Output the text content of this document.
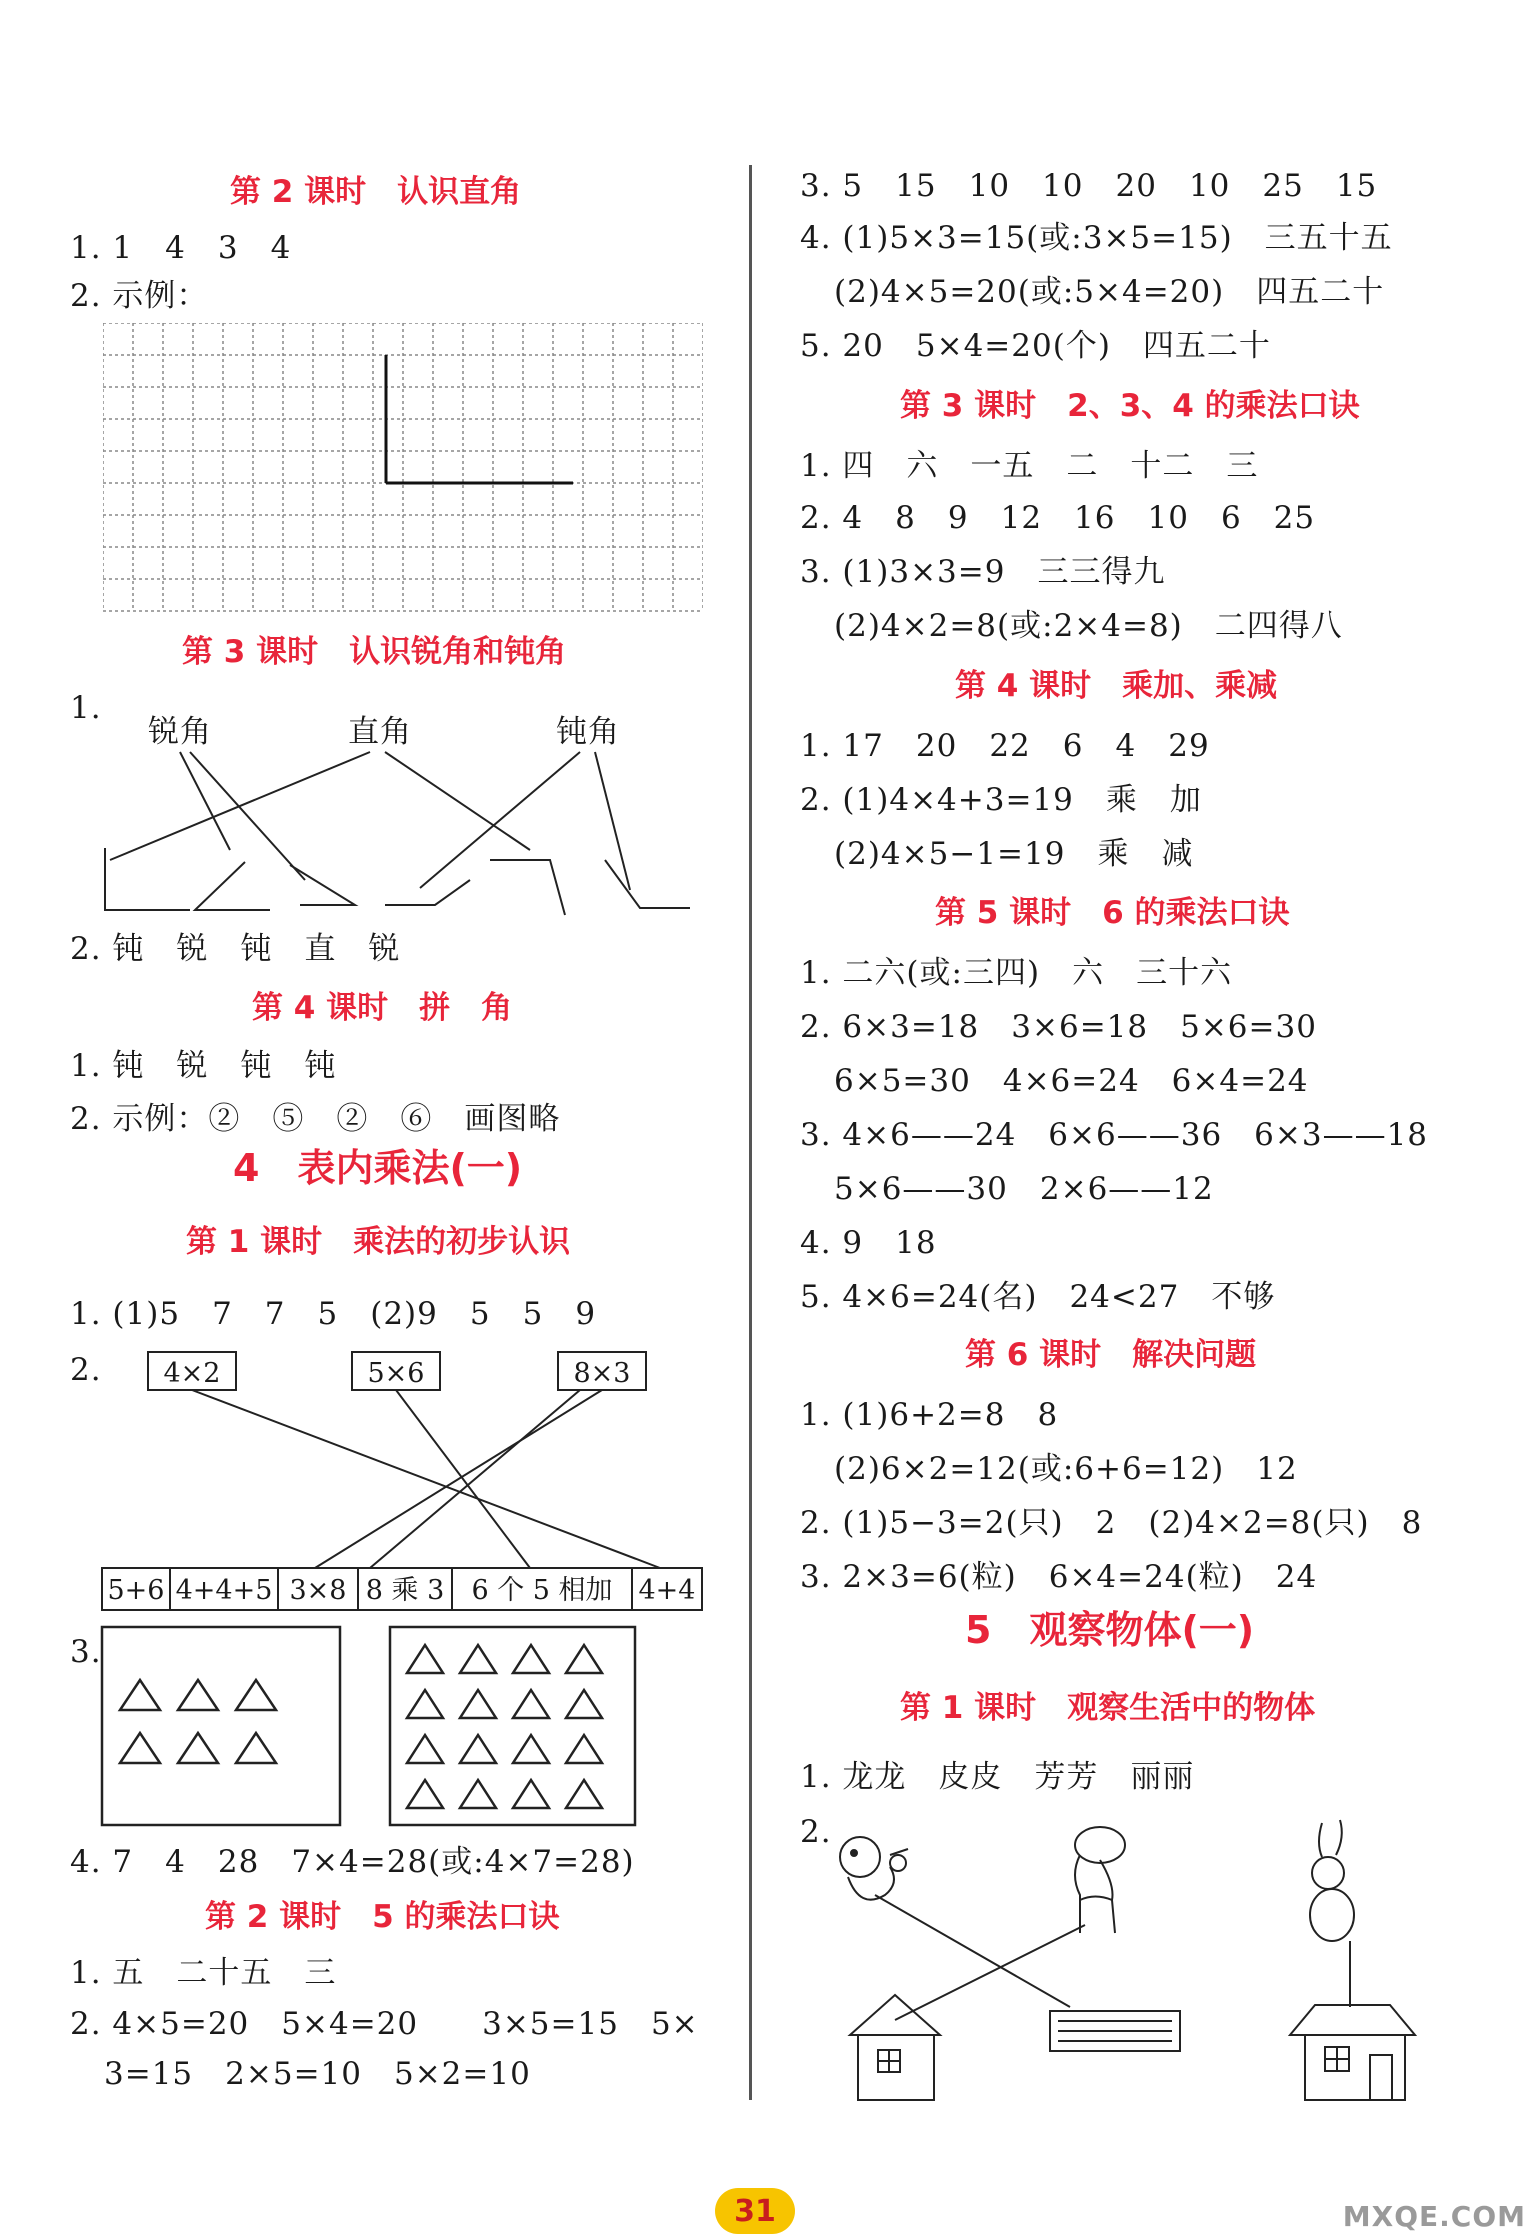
第 2 课时　认识直角
1. 1　4　3　4
2. 示例：
第 3 课时　认识锐角和钝角
1.
锐角	直角	钝角
2. 钝　锐　钝　直　锐
第 4 课时　拼　角
1. 钝　锐　钝　钝
2. 示例：②　⑤　②　⑥　画图略
4　表内乘法(一)
第 1 课时　乘法的初步认识
1. (1)5　7　7　5　(2)9　5　5　9
2. 4×2	5×6	8×3
5+6 4+4+5 3×8 8 乘 3 6 个 5 相加 4+4
3.
4. 7　4　28　7×4=28(或:4×7=28)
第 2 课时　5 的乘法口诀
1. 五　二十五　三
2. 4×5=20　5×4=20　　3×5=15　5×
3=15　2×5=10　5×2=10
3. 5　15　10　10　20　10　25　15
4. (1)5×3=15(或:3×5=15)　三五十五
(2)4×5=20(或:5×4=20)　四五二十
5. 20　5×4=20(个)　四五二十
第 3 课时　2、3、4 的乘法口诀
1. 四　六　一五　二　十二　三
2. 4　8　9　12　16　10　6　25
3. (1)3×3=9　三三得九
(2)4×2=8(或:2×4=8)　二四得八
第 4 课时　乘加、乘减
1. 17　20　22　6　4　29
2. (1)4×4+3=19　乘　加
(2)4×5−1=19　乘　减
第 5 课时　6 的乘法口诀
1. 二六(或:三四)　六　三十六
2. 6×3=18　3×6=18　5×6=30
6×5=30　4×6=24　6×4=24
3. 4×6——24　6×6——36　6×3——18
5×6——30　2×6——12
4. 9　18
5. 4×6=24(名)　24<27　不够
第 6 课时　解决问题
1. (1)6+2=8　8
(2)6×2=12(或:6+6=12)　12
2. (1)5−3=2(只)　2　(2)4×2=8(只)　8
3. 2×3=6(粒)　6×4=24(粒)　24
5　观察物体(一)
第 1 课时　观察生活中的物体
1. 龙龙　皮皮　芳芳　丽丽
2.
31	MXQE.COM
